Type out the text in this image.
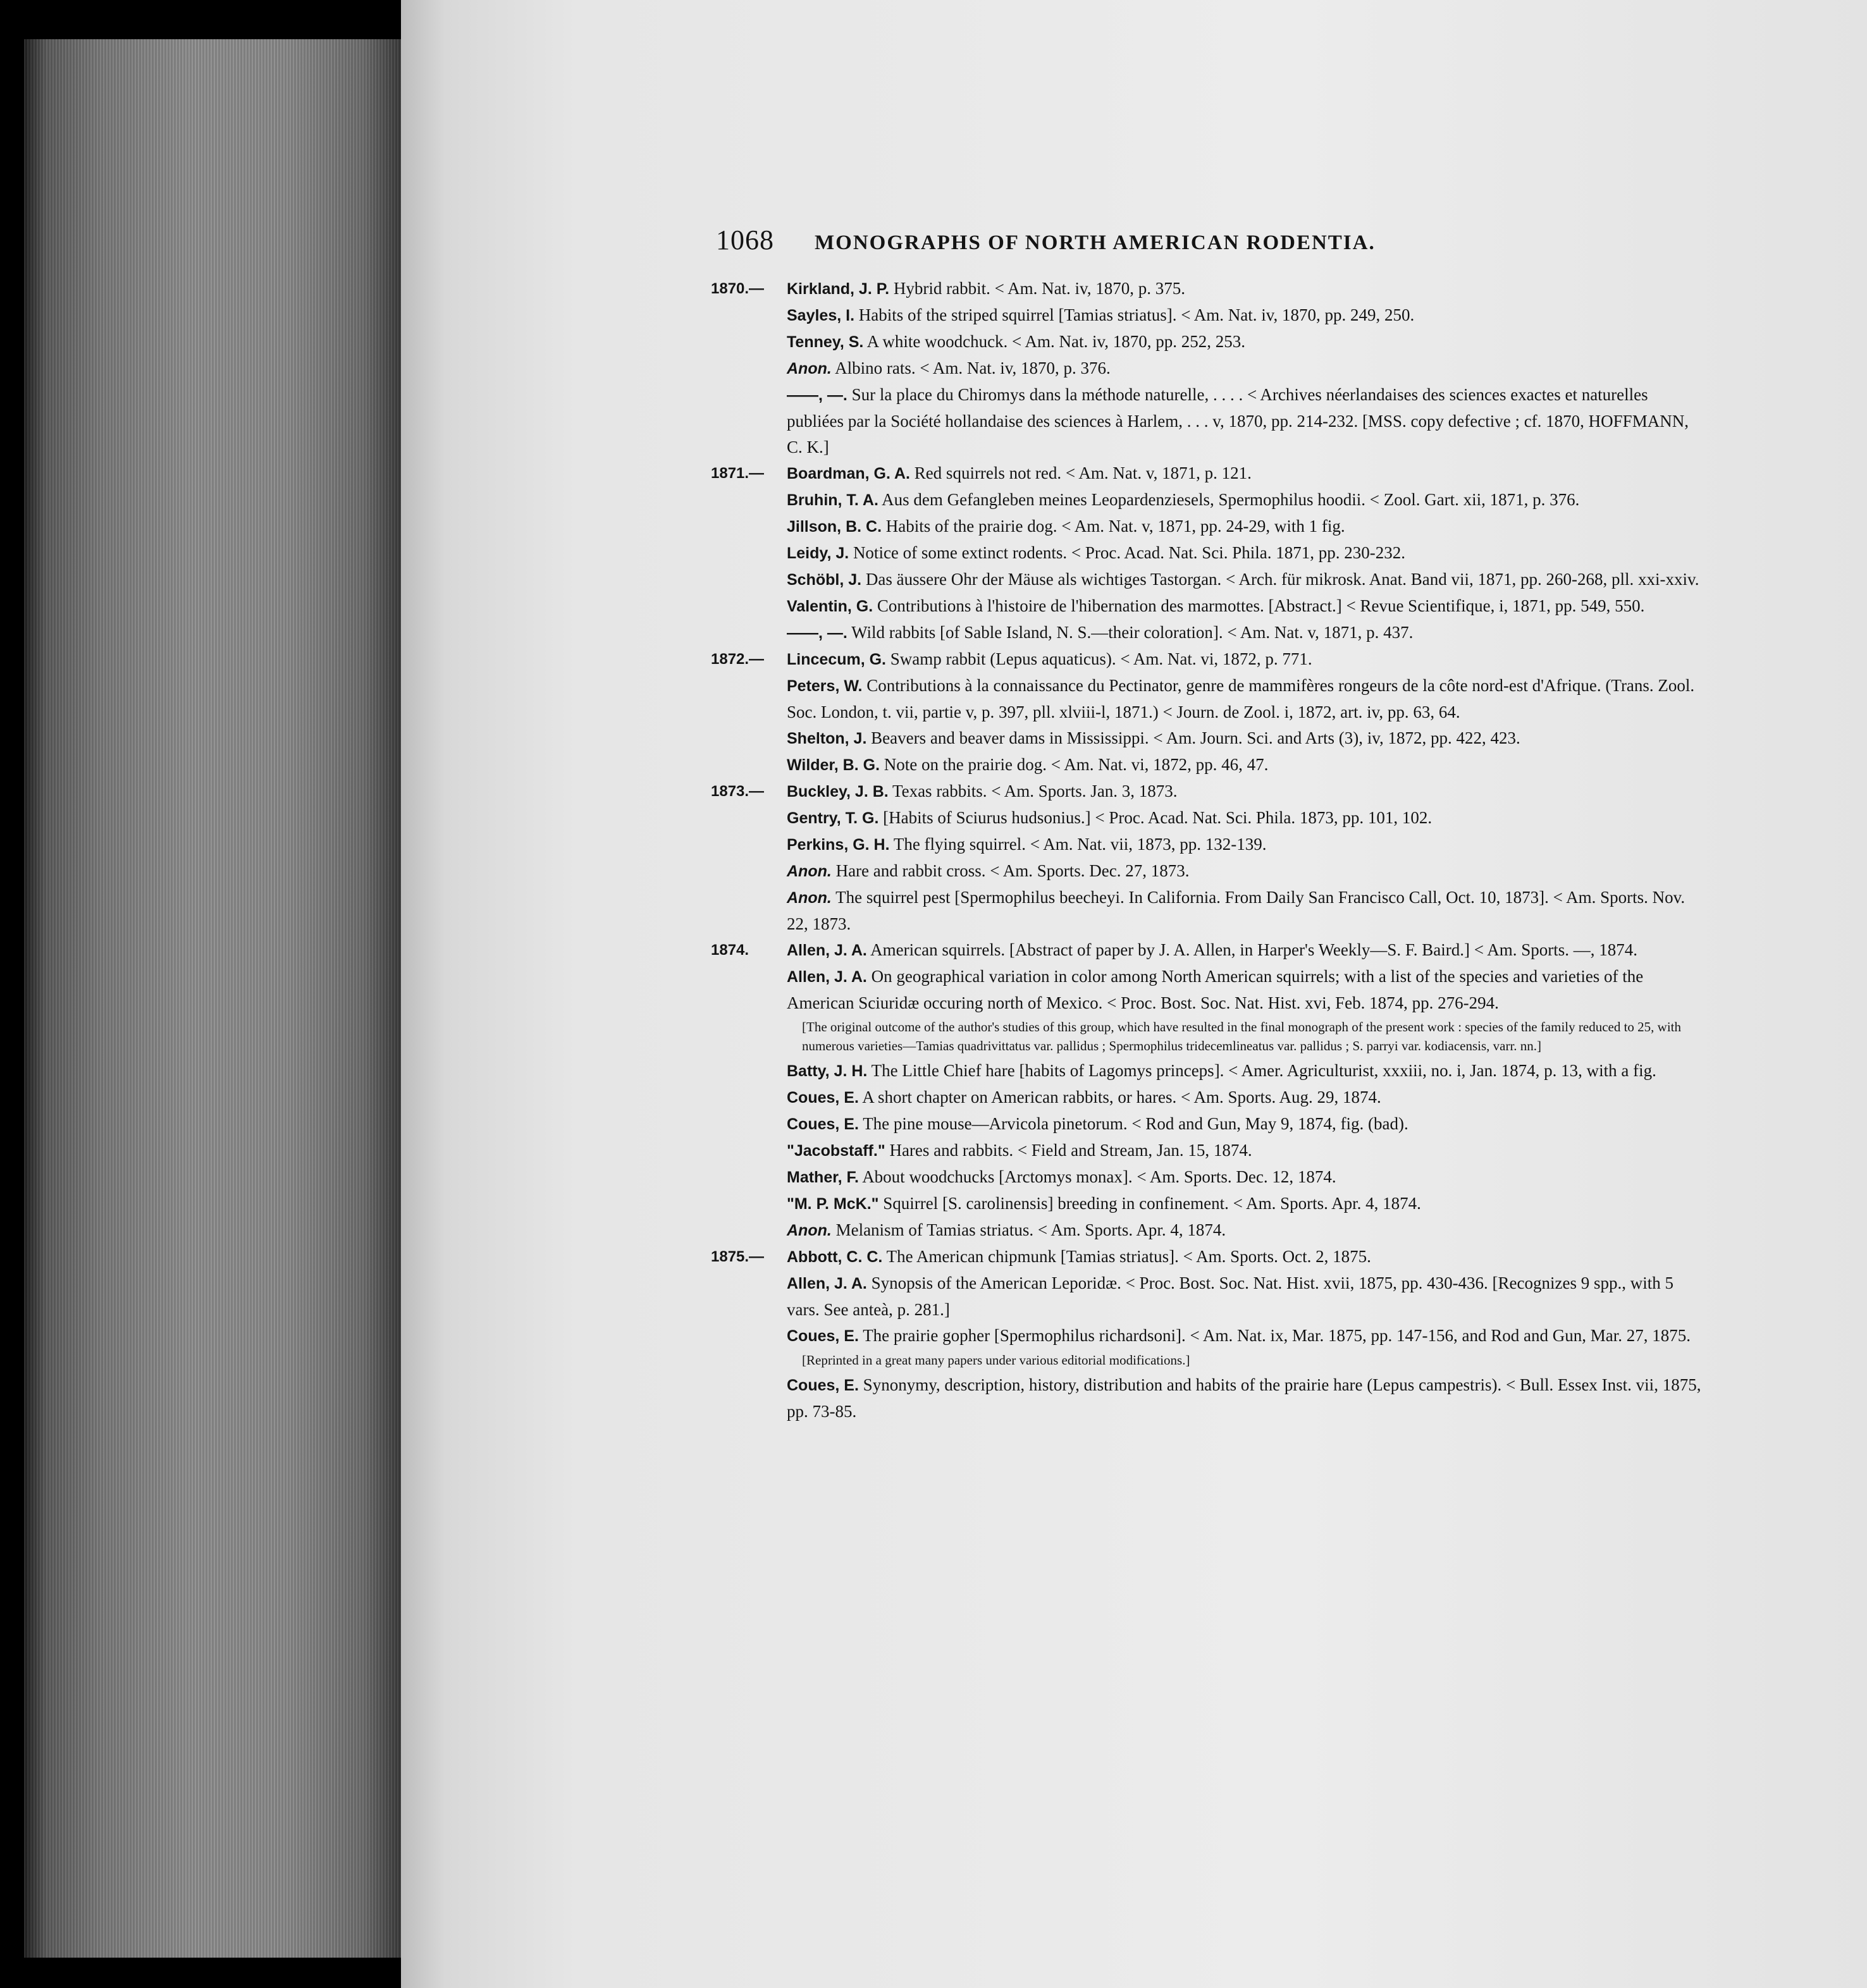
1068 MONOGRAPHS OF NORTH AMERICAN RODENTIA.
1870.— Kirkland, J. P. Hybrid rabbit. < Am. Nat. iv, 1870, p. 375.
Sayles, I. Habits of the striped squirrel [Tamias striatus]. < Am. Nat. iv, 1870, pp. 249, 250.
Tenney, S. A white woodchuck. < Am. Nat. iv, 1870, pp. 252, 253.
Anon. Albino rats. < Am. Nat. iv, 1870, p. 376.
——, —. Sur la place du Chiromys dans la méthode naturelle, . . . . < Archives néerlandaises des sciences exactes et naturelles publiées par la Société hollandaise des sciences à Harlem, . . . v, 1870, pp. 214-232. [MSS. copy defective ; cf. 1870, HOFFMANN, C. K.]
1871.— Boardman, G. A. Red squirrels not red. < Am. Nat. v, 1871, p. 121.
Bruhin, T. A. Aus dem Gefangleben meines Leopardenziesels, Spermophilus hoodii. < Zool. Gart. xii, 1871, p. 376.
Jillson, B. C. Habits of the prairie dog. < Am. Nat. v, 1871, pp. 24-29, with 1 fig.
Leidy, J. Notice of some extinct rodents. < Proc. Acad. Nat. Sci. Phila. 1871, pp. 230-232.
Schöbl, J. Das äussere Ohr der Mäuse als wichtiges Tastorgan. < Arch. für mikrosk. Anat. Band vii, 1871, pp. 260-268, pll. xxi-xxiv.
Valentin, G. Contributions à l'histoire de l'hibernation des marmottes. [Abstract.] < Revue Scientifique, i, 1871, pp. 549, 550.
——, —. Wild rabbits [of Sable Island, N. S.—their coloration]. < Am. Nat. v, 1871, p. 437.
1872.— Lincecum, G. Swamp rabbit (Lepus aquaticus). < Am. Nat. vi, 1872, p. 771.
Peters, W. Contributions à la connaissance du Pectinator, genre de mammifères rongeurs de la côte nord-est d'Afrique. (Trans. Zool. Soc. London, t. vii, partie v, p. 397, pll. xlviii-l, 1871.) < Journ. de Zool. i, 1872, art. iv, pp. 63, 64.
Shelton, J. Beavers and beaver dams in Mississippi. < Am. Journ. Sci. and Arts (3), iv, 1872, pp. 422, 423.
Wilder, B. G. Note on the prairie dog. < Am. Nat. vi, 1872, pp. 46, 47.
1873.— Buckley, J. B. Texas rabbits. < Am. Sports. Jan. 3, 1873.
Gentry, T. G. [Habits of Sciurus hudsonius.] < Proc. Acad. Nat. Sci. Phila. 1873, pp. 101, 102.
Perkins, G. H. The flying squirrel. < Am. Nat. vii, 1873, pp. 132-139.
Anon. Hare and rabbit cross. < Am. Sports. Dec. 27, 1873.
Anon. The squirrel pest [Spermophilus beecheyi. In California. From Daily San Francisco Call, Oct. 10, 1873]. < Am. Sports. Nov. 22, 1873.
1874. Allen, J. A. American squirrels. [Abstract of paper by J. A. Allen, in Harper's Weekly—S. F. Baird.] < Am. Sports. —, 1874.
Allen, J. A. On geographical variation in color among North American squirrels; with a list of the species and varieties of the American Sciuridæ occuring north of Mexico. < Proc. Bost. Soc. Nat. Hist. xvi, Feb. 1874, pp. 276-294.
[The original outcome of the author's studies of this group, which have resulted in the final monograph of the present work : species of the family reduced to 25, with numerous varieties—Tamias quadrivittatus var. pallidus ; Spermophilus tridecemlineatus var. pallidus ; S. parryi var. kodiacensis, varr. nn.]
Batty, J. H. The Little Chief hare [habits of Lagomys princeps]. < Amer. Agriculturist, xxxiii, no. i, Jan. 1874, p. 13, with a fig.
Coues, E. A short chapter on American rabbits, or hares. < Am. Sports. Aug. 29, 1874.
Coues, E. The pine mouse—Arvicola pinetorum. < Rod and Gun, May 9, 1874, fig. (bad).
"Jacobstaff." Hares and rabbits. < Field and Stream, Jan. 15, 1874.
Mather, F. About woodchucks [Arctomys monax]. < Am. Sports. Dec. 12, 1874.
"M. P. McK." Squirrel [S. carolinensis] breeding in confinement. < Am. Sports. Apr. 4, 1874.
Anon. Melanism of Tamias striatus. < Am. Sports. Apr. 4, 1874.
1875.— Abbott, C. C. The American chipmunk [Tamias striatus]. < Am. Sports. Oct. 2, 1875.
Allen, J. A. Synopsis of the American Leporidæ. < Proc. Bost. Soc. Nat. Hist. xvii, 1875, pp. 430-436. [Recognizes 9 spp., with 5 vars. See anteà, p. 281.]
Coues, E. The prairie gopher [Spermophilus richardsoni]. < Am. Nat. ix, Mar. 1875, pp. 147-156, and Rod and Gun, Mar. 27, 1875.
[Reprinted in a great many papers under various editorial modifications.]
Coues, E. Synonymy, description, history, distribution and habits of the prairie hare (Lepus campestris). < Bull. Essex Inst. vii, 1875, pp. 73-85.
